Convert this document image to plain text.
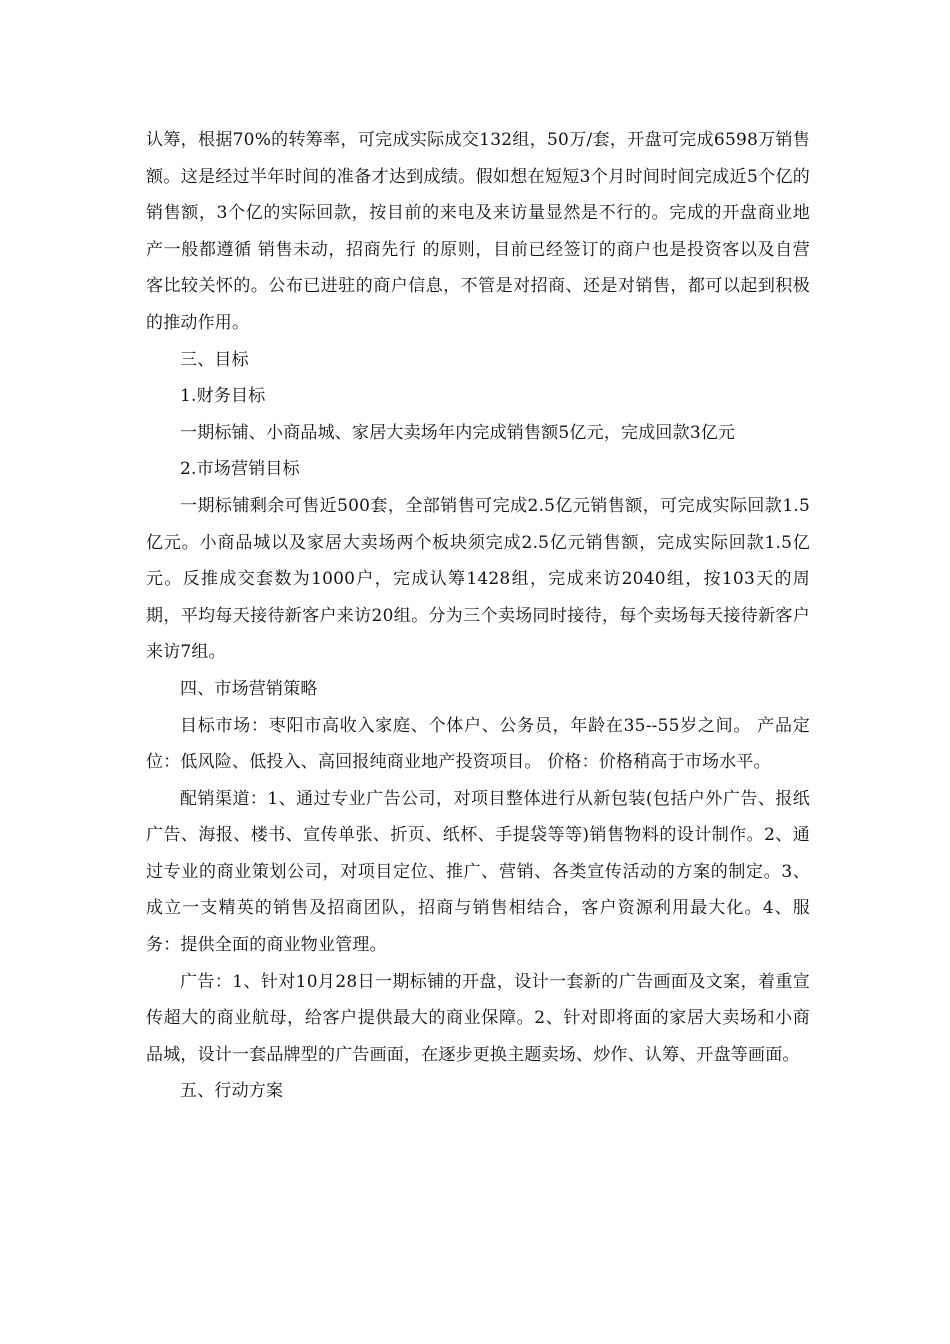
认筹，根据70%的转筹率，可完成实际成交132组，50万/套，开盘可完成6598万销售额。这是经过半年时间的准备才达到成绩。假如想在短短3个月时间时间完成近5个亿的销售额，3个亿的实际回款，按目前的来电及来访量显然是不行的。完成的开盘商业地产一般都遵循 销售未动，招商先行 的原则，目前已经签订的商户也是投资客以及自营客比较关怀的。公布已进驻的商户信息，不管是对招商、还是对销售，都可以起到积极的推动作用。

三、目标

1.财务目标

一期标铺、小商品城、家居大卖场年内完成销售额5亿元，完成回款3亿元

2.市场营销目标

一期标铺剩余可售近500套，全部销售可完成2.5亿元销售额，可完成实际回款1.5亿元。小商品城以及家居大卖场两个板块须完成2.5亿元销售额，完成实际回款1.5亿元。反推成交套数为1000户，完成认筹1428组，完成来访2040组，按103天的周期，平均每天接待新客户来访20组。分为三个卖场同时接待，每个卖场每天接待新客户来访7组。

四、市场营销策略

目标市场：枣阳市高收入家庭、个体户、公务员，年龄在35--55岁之间。 产品定位：低风险、低投入、高回报纯商业地产投资项目。 价格：价格稍高于市场水平。

配销渠道：1、通过专业广告公司，对项目整体进行从新包装(包括户外广告、报纸广告、海报、楼书、宣传单张、折页、纸杯、手提袋等等)销售物料的设计制作。2、通过专业的商业策划公司，对项目定位、推广、营销、各类宣传活动的方案的制定。3、成立一支精英的销售及招商团队，招商与销售相结合，客户资源利用最大化。4、服务：提供全面的商业物业管理。

广告：1、针对10月28日一期标铺的开盘，设计一套新的广告画面及文案，着重宣传超大的商业航母，给客户提供最大的商业保障。2、针对即将面的家居大卖场和小商品城，设计一套品牌型的广告画面，在逐步更换主题卖场、炒作、认筹、开盘等画面。

五、行动方案
